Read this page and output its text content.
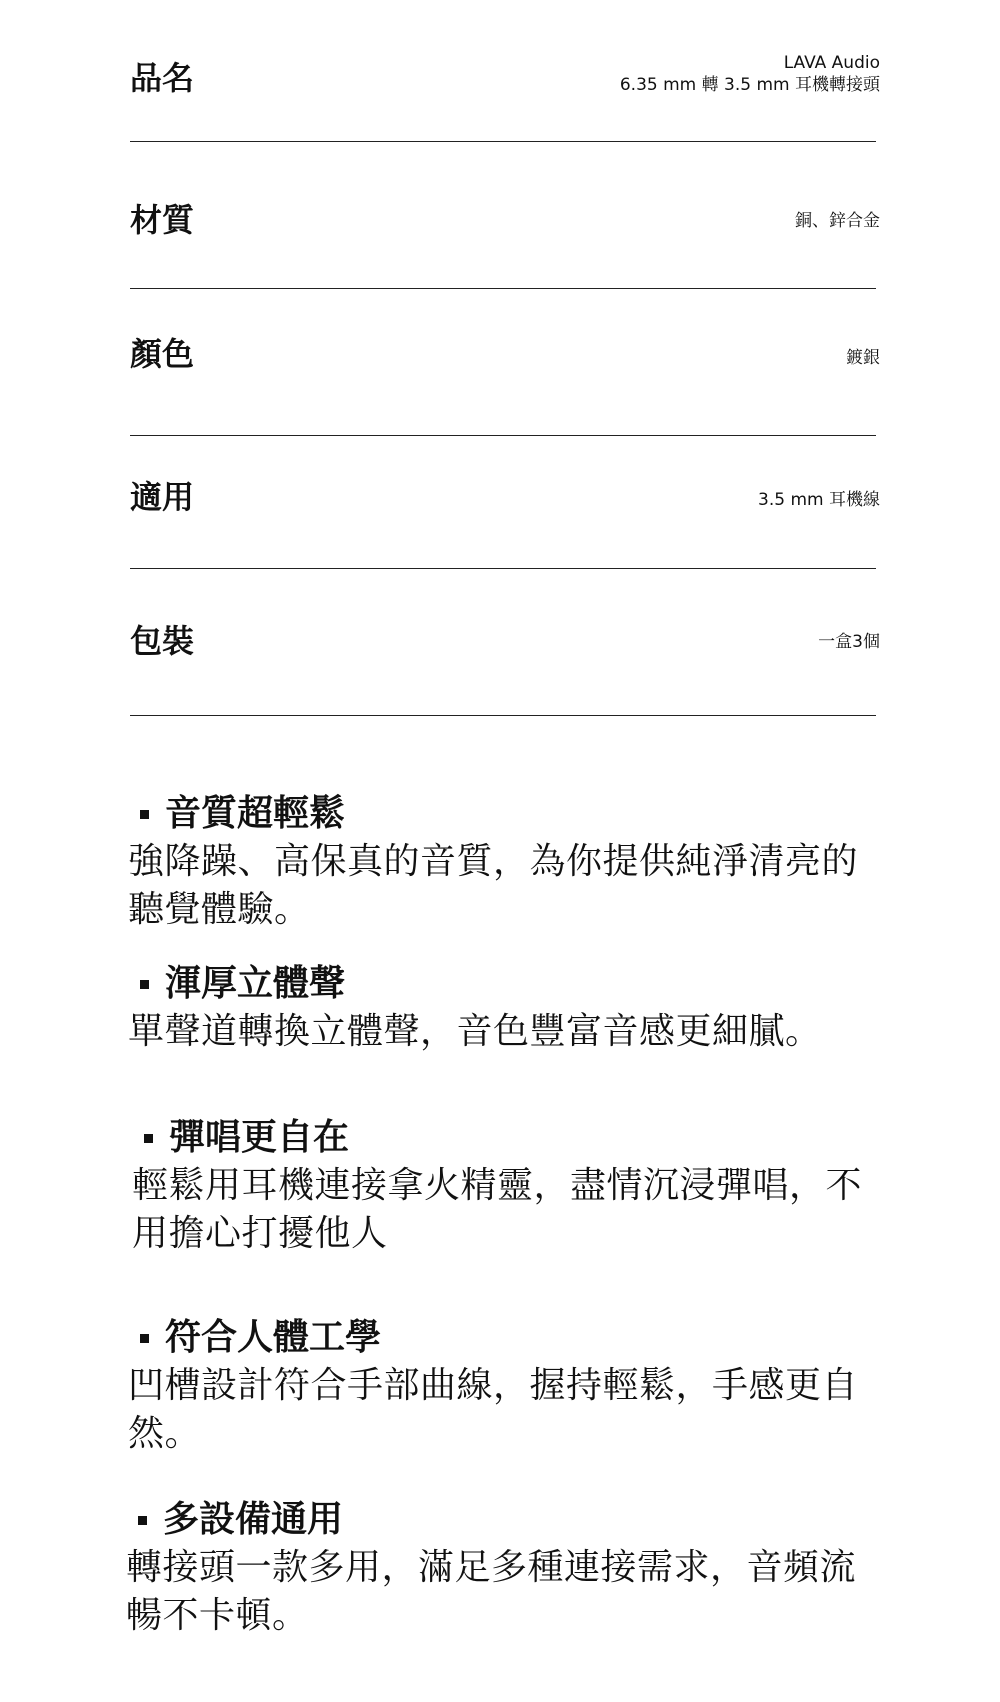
品名	LAVA Audio
6.35 mm 轉 3.5 mm 耳機轉接頭
材質	銅、鋅合金
顏色	鍍銀
適用	3.5 mm 耳機線
包裝	一盒3個
音質超輕鬆
強降躁、高保真的音質，為你提供純淨清亮的
聽覺體驗。
渾厚立體聲
單聲道轉換立體聲，音色豐富音感更細膩。
彈唱更自在
輕鬆用耳機連接拿火精靈，盡情沉浸彈唱，不
用擔心打擾他人
符合人體工學
凹槽設計符合手部曲線，握持輕鬆，手感更自
然。
多設備通用
轉接頭一款多用，滿足多種連接需求，音頻流
暢不卡頓。
